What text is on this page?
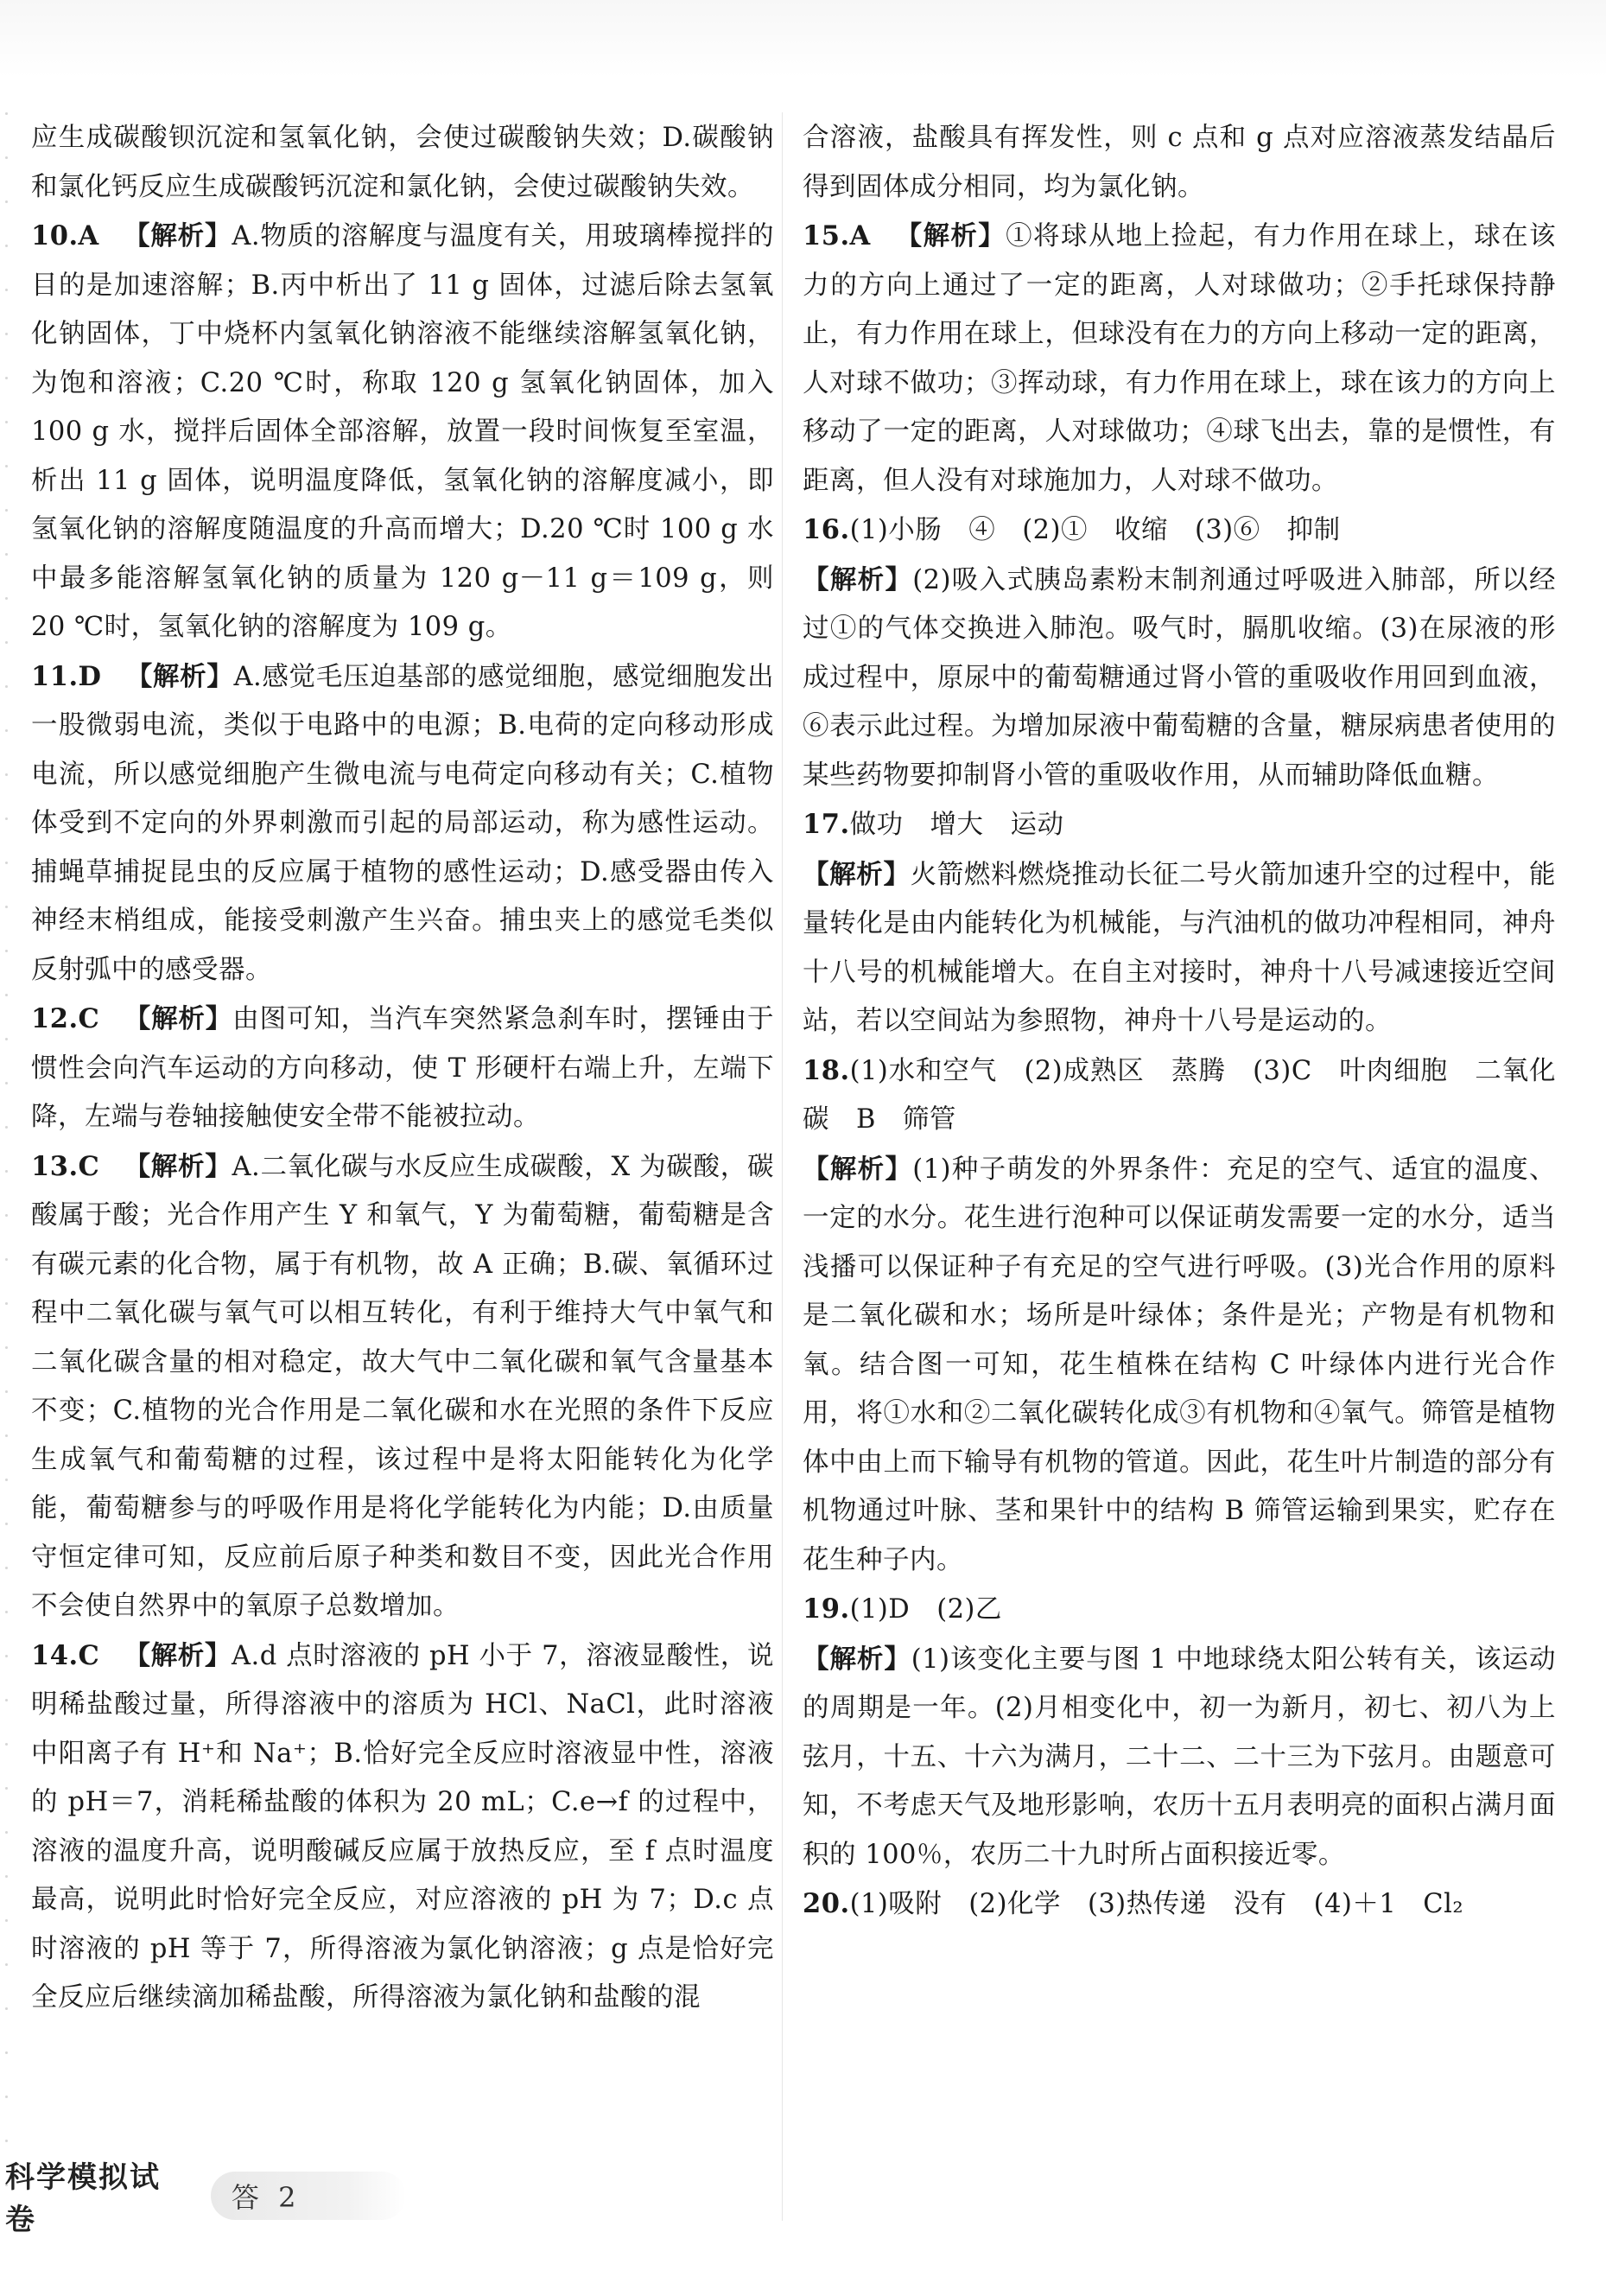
应生成碳酸钡沉淀和氢氧化钠，会使过碳酸钠失效；D.碳酸钠和氯化钙反应生成碳酸钙沉淀和氯化钠，会使过碳酸钠失效。

10.A 【解析】A.物质的溶解度与温度有关，用玻璃棒搅拌的目的是加速溶解；B.丙中析出了 11 g 固体，过滤后除去氢氧化钠固体，丁中烧杯内氢氧化钠溶液不能继续溶解氢氧化钠，为饱和溶液；C.20 ℃时，称取 120 g 氢氧化钠固体，加入 100 g 水，搅拌后固体全部溶解，放置一段时间恢复至室温，析出 11 g 固体，说明温度降低，氢氧化钠的溶解度减小，即氢氧化钠的溶解度随温度的升高而增大；D.20 ℃时 100 g 水中最多能溶解氢氧化钠的质量为 120 g－11 g＝109 g，则 20 ℃时，氢氧化钠的溶解度为 109 g。

11.D 【解析】A.感觉毛压迫基部的感觉细胞，感觉细胞发出一股微弱电流，类似于电路中的电源；B.电荷的定向移动形成电流，所以感觉细胞产生微电流与电荷定向移动有关；C.植物体受到不定向的外界刺激而引起的局部运动，称为感性运动。捕蝇草捕捉昆虫的反应属于植物的感性运动；D.感受器由传入神经末梢组成，能接受刺激产生兴奋。捕虫夹上的感觉毛类似反射弧中的感受器。

12.C 【解析】由图可知，当汽车突然紧急刹车时，摆锤由于惯性会向汽车运动的方向移动，使 T 形硬杆右端上升，左端下降，左端与卷轴接触使安全带不能被拉动。

13.C 【解析】A.二氧化碳与水反应生成碳酸，X 为碳酸，碳酸属于酸；光合作用产生 Y 和氧气，Y 为葡萄糖，葡萄糖是含有碳元素的化合物，属于有机物，故 A 正确；B.碳、氧循环过程中二氧化碳与氧气可以相互转化，有利于维持大气中氧气和二氧化碳含量的相对稳定，故大气中二氧化碳和氧气含量基本不变；C.植物的光合作用是二氧化碳和水在光照的条件下反应生成氧气和葡萄糖的过程，该过程中是将太阳能转化为化学能，葡萄糖参与的呼吸作用是将化学能转化为内能；D.由质量守恒定律可知，反应前后原子种类和数目不变，因此光合作用不会使自然界中的氧原子总数增加。

14.C 【解析】A.d 点时溶液的 pH 小于 7，溶液显酸性，说明稀盐酸过量，所得溶液中的溶质为 HCl、NaCl，此时溶液中阳离子有 H⁺和 Na⁺；B.恰好完全反应时溶液显中性，溶液的 pH＝7，消耗稀盐酸的体积为 20 mL；C.e→f 的过程中，溶液的温度升高，说明酸碱反应属于放热反应，至 f 点时温度最高，说明此时恰好完全反应，对应溶液的 pH 为 7；D.c 点时溶液的 pH 等于 7，所得溶液为氯化钠溶液；g 点是恰好完全反应后继续滴加稀盐酸，所得溶液为氯化钠和盐酸的混

合溶液，盐酸具有挥发性，则 c 点和 g 点对应溶液蒸发结晶后得到固体成分相同，均为氯化钠。

15.A 【解析】①将球从地上捡起，有力作用在球上，球在该力的方向上通过了一定的距离，人对球做功；②手托球保持静止，有力作用在球上，但球没有在力的方向上移动一定的距离，人对球不做功；③挥动球，有力作用在球上，球在该力的方向上移动了一定的距离，人对球做功；④球飞出去，靠的是惯性，有距离，但人没有对球施加力，人对球不做功。

16.(1)小肠　④　(2)①　收缩　(3)⑥　抑制

【解析】(2)吸入式胰岛素粉末制剂通过呼吸进入肺部，所以经过①的气体交换进入肺泡。吸气时，膈肌收缩。(3)在尿液的形成过程中，原尿中的葡萄糖通过肾小管的重吸收作用回到血液，⑥表示此过程。为增加尿液中葡萄糖的含量，糖尿病患者使用的某些药物要抑制肾小管的重吸收作用，从而辅助降低血糖。

17.做功　增大　运动

【解析】火箭燃料燃烧推动长征二号火箭加速升空的过程中，能量转化是由内能转化为机械能，与汽油机的做功冲程相同，神舟十八号的机械能增大。在自主对接时，神舟十八号减速接近空间站，若以空间站为参照物，神舟十八号是运动的。

18.(1)水和空气　(2)成熟区　蒸腾　(3)C　叶肉细胞　二氧化碳　B　筛管

【解析】(1)种子萌发的外界条件：充足的空气、适宜的温度、一定的水分。花生进行泡种可以保证萌发需要一定的水分，适当浅播可以保证种子有充足的空气进行呼吸。(3)光合作用的原料是二氧化碳和水；场所是叶绿体；条件是光；产物是有机物和氧。结合图一可知，花生植株在结构 C 叶绿体内进行光合作用，将①水和②二氧化碳转化成③有机物和④氧气。筛管是植物体中由上而下输导有机物的管道。因此，花生叶片制造的部分有机物通过叶脉、茎和果针中的结构 B 筛管运输到果实，贮存在花生种子内。

19.(1)D　(2)乙

【解析】(1)该变化主要与图 1 中地球绕太阳公转有关，该运动的周期是一年。(2)月相变化中，初一为新月，初七、初八为上弦月，十五、十六为满月，二十二、二十三为下弦月。由题意可知，不考虑天气及地形影响，农历十五月表明亮的面积占满月面积的 100％，农历二十九时所占面积接近零。

20.(1)吸附　(2)化学　(3)热传递　没有　(4)＋1　Cl₂

科学模拟试卷
答 2
